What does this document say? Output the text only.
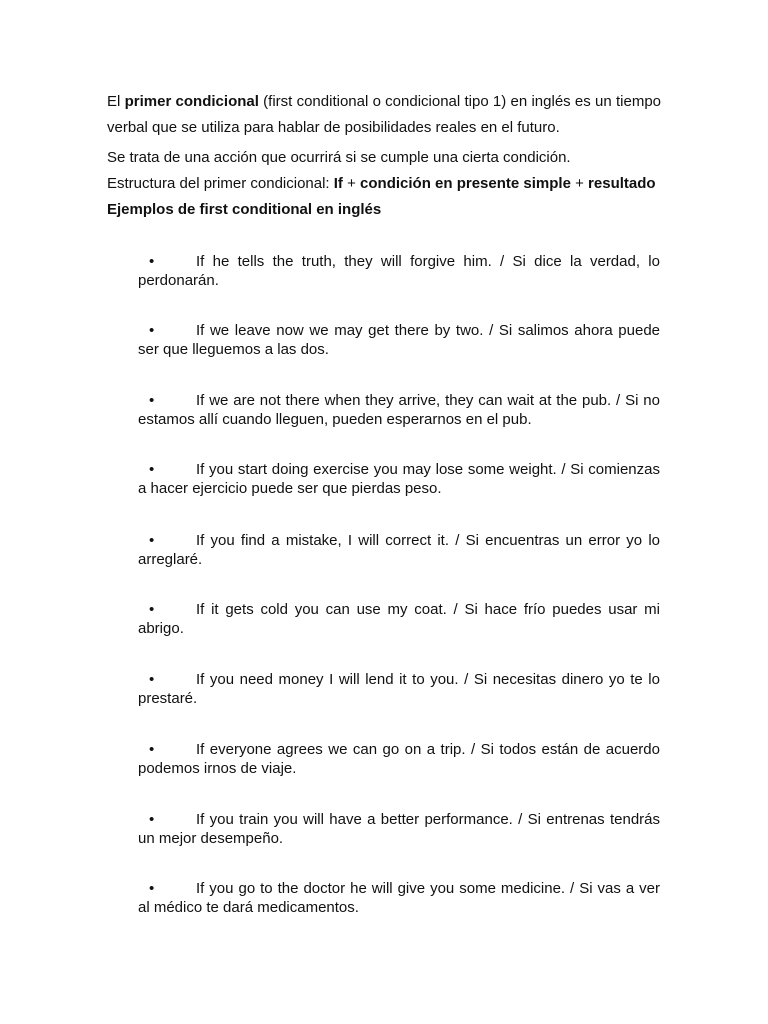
El primer condicional (first conditional o condicional tipo 1) en inglés es un tiempo verbal que se utiliza para hablar de posibilidades reales en el futuro.

Se trata de una acción que ocurrirá si se cumple una cierta condición.

Estructura del primer condicional: If + condición en presente simple + resultado

Ejemplos de first conditional en inglés

•	If he tells the truth, they will forgive him. / Si dice la verdad, lo perdonarán.
•	If we leave now we may get there by two. / Si salimos ahora puede ser que lleguemos a las dos.
•	If we are not there when they arrive, they can wait at the pub. / Si no estamos allí cuando lleguen, pueden esperarnos en el pub.
•	If you start doing exercise you may lose some weight. / Si comienzas a hacer ejercicio puede ser que pierdas peso.
•	If you find a mistake, I will correct it. / Si encuentras un error yo lo arreglaré.
•	If it gets cold you can use my coat. / Si hace frío puedes usar mi abrigo.
•	If you need money I will lend it to you. / Si necesitas dinero yo te lo prestaré.
•	If everyone agrees we can go on a trip. / Si todos están de acuerdo podemos irnos de viaje.
•	If you train you will have a better performance. / Si entrenas tendrás un mejor desempeño.
•	If you go to the doctor he will give you some medicine. / Si vas a ver al médico te dará medicamentos.
